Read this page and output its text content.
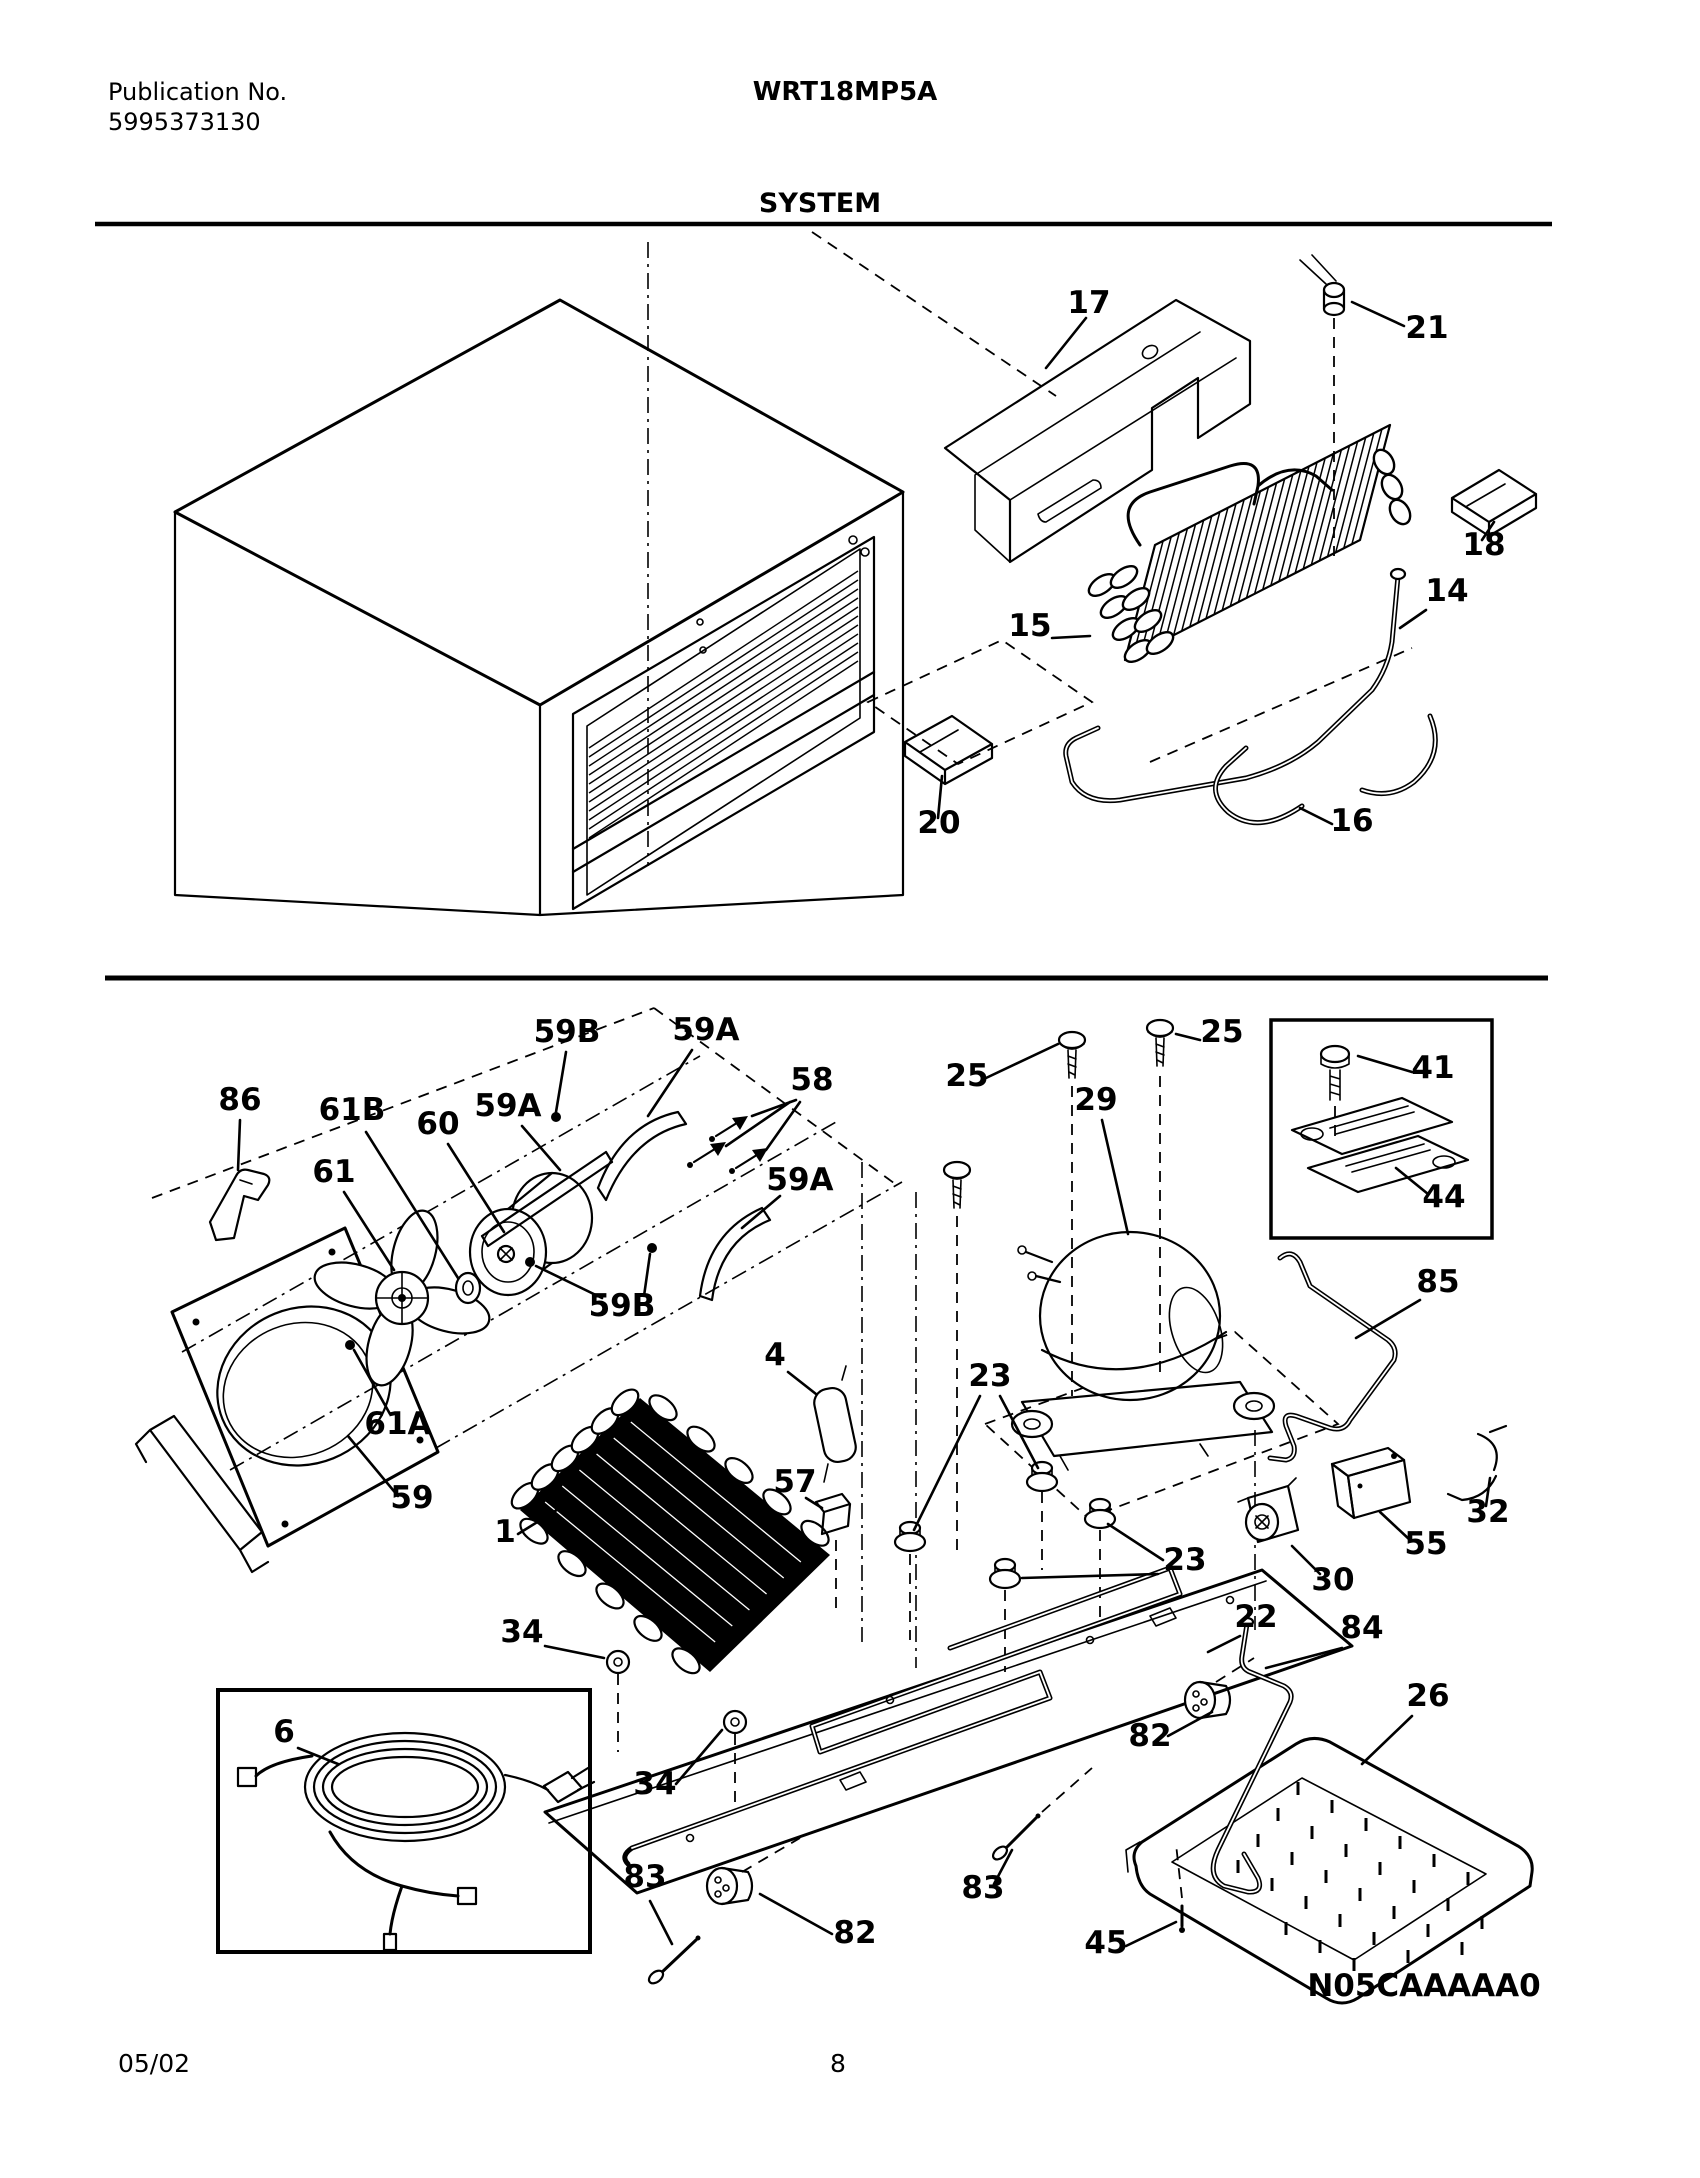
Publication No.
5995373130
WRT18MP5A
SYSTEM
17
21
18
14
15
20	16
59B 59A
58
86 61B 60 59A
61	59A
59B
25
25
29
41
44
85
4
23
61A
59
1
57
32
55
30
23
34	22 84
26
82
34
6
83	83
82	45
N05CAAAAA0
05/02	8
